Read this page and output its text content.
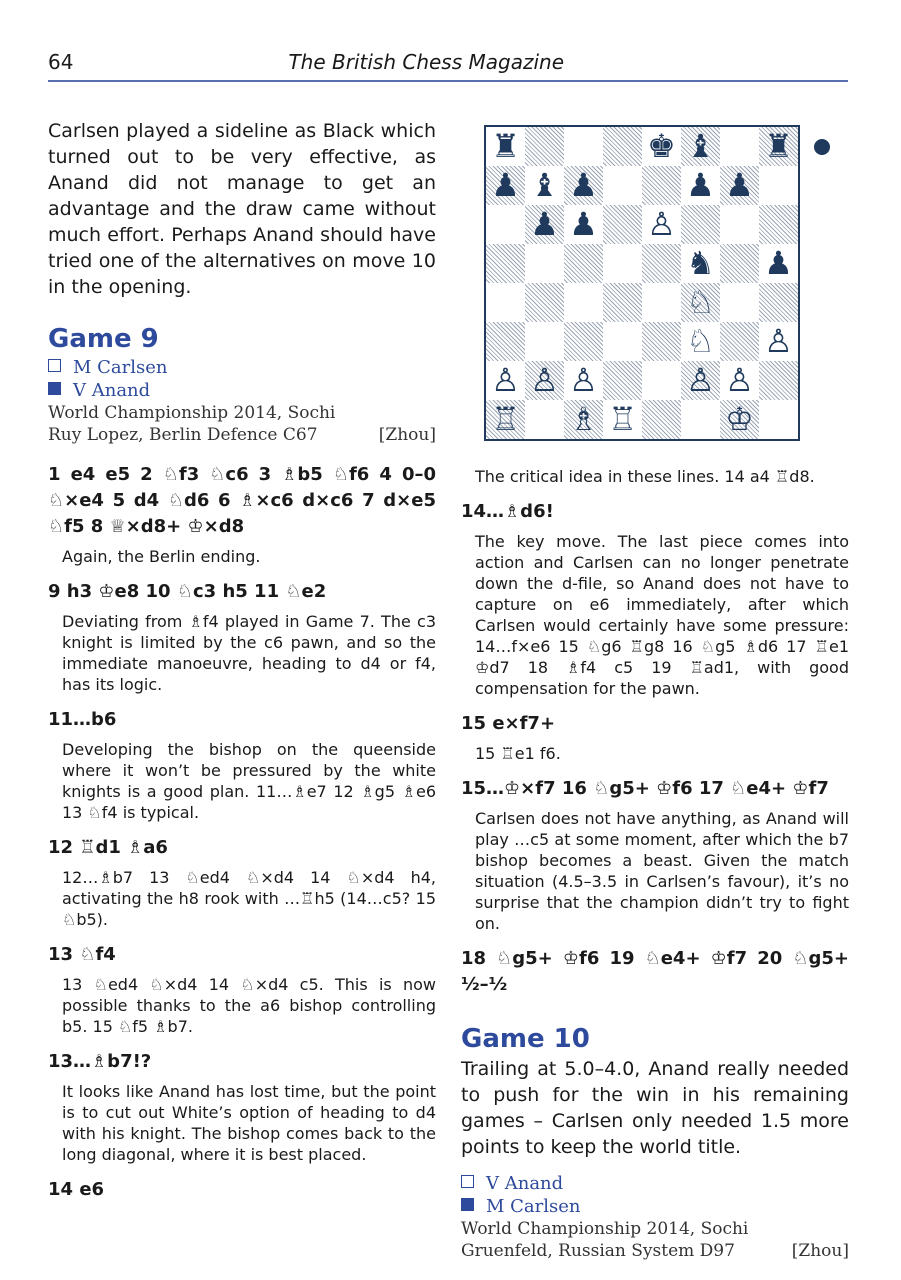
64	The British Chess Magazine

Carlsen played a sideline as Black which turned out to be very effective, as Anand did not manage to get an advantage and the draw came without much effort. Perhaps Anand should have tried one of the alternatives on move 10 in the opening.

Game 9
M Carlsen
V Anand
World Championship 2014, Sochi
Ruy Lopez, Berlin Defence C67	[Zhou]
1 e4 e5 2 ♘f3 ♘c6 3 ♗b5 ♘f6 4 0–0 ♘×e4 5 d4 ♘d6 6 ♗×c6 d×c6 7 d×e5 ♘f5 8 ♕×d8+ ♔×d8

Again, the Berlin ending.

9 h3 ♔e8 10 ♘c3 h5 11 ♘e2

Deviating from ♗f4 played in Game 7. The c3 knight is limited by the c6 pawn, and so the immediate manoeuvre, heading to d4 or f4, has its logic.

11…b6

Developing the bishop on the queenside where it won’t be pressured by the white knights is a good plan. 11…♗e7 12 ♗g5 ♗e6 13 ♘f4 is typical.

12 ♖d1 ♗a6

12…♗b7 13 ♘ed4 ♘×d4 14 ♘×d4 h4, activating the h8 rook with …♖h5 (14…c5? 15 ♘b5).

13 ♘f4

13 ♘ed4 ♘×d4 14 ♘×d4 c5. This is now possible thanks to the a6 bishop controlling b5. 15 ♘f5 ♗b7.

13…♗b7!?

It looks like Anand has lost time, but the point is to cut out White’s option of heading to d4 with his knight. The bishop comes back to the long diagonal, where it is best placed.

14 e6
♜	♚ ♝ ♜
♟ ♝ ♟	♟ ♟
♟ ♟ ♙
♞ ♟
♘
♘ ♙
♙ ♙ ♙	♙ ♙
♖ ♗ ♖	♔

The critical idea in these lines. 14 a4 ♖d8.

14…♗d6!

The key move. The last piece comes into action and Carlsen can no longer penetrate down the d-file, so Anand does not have to capture on e6 immediately, after which Carlsen would certainly have some pressure: 14…f×e6 15 ♘g6 ♖g8 16 ♘g5 ♗d6 17 ♖e1 ♔d7 18 ♗f4 c5 19 ♖ad1, with good compensation for the pawn.

15 e×f7+

15 ♖e1 f6.

15…♔×f7 16 ♘g5+ ♔f6 17 ♘e4+ ♔f7

Carlsen does not have anything, as Anand will play …c5 at some moment, after which the b7 bishop becomes a beast. Given the match situation (4.5–3.5 in Carlsen’s favour), it’s no surprise that the champion didn’t try to fight on.

18 ♘g5+ ♔f6 19 ♘e4+ ♔f7 20 ♘g5+ ½–½
Game 10

Trailing at 5.0–4.0, Anand really needed to push for the win in his remaining games – Carlsen only needed 1.5 more points to keep the world title.

V Anand
M Carlsen
World Championship 2014, Sochi
Gruenfeld, Russian System D97	[Zhou]
